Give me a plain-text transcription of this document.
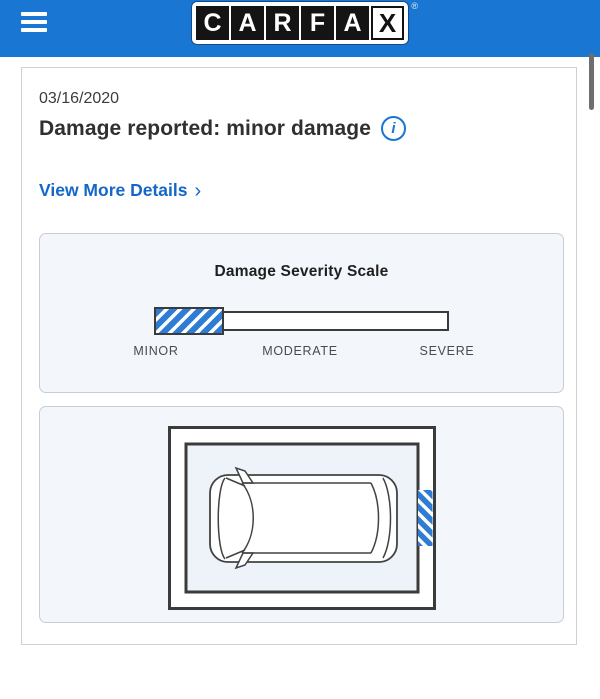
C A R F A X
®
03/16/2020
Damage reported: minor damage i
View More Details ›
Damage Severity Scale
MINOR	MODERATE	SEVERE
